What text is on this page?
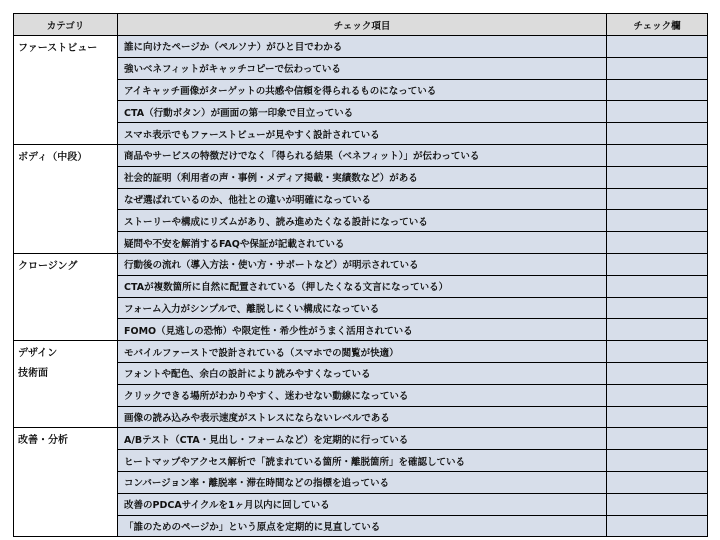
カテゴリ	チェック項目	チェック欄
ファーストビュー	誰に向けたページか（ペルソナ）がひと目でわかる	
	強いベネフィットがキャッチコピーで伝わっている	
	アイキャッチ画像がターゲットの共感や信頼を得られるものになっている	
	CTA（行動ボタン）が画面の第一印象で目立っている	
	スマホ表示でもファーストビューが見やすく設計されている	
ボディ（中段）	商品やサービスの特徴だけでなく「得られる結果（ベネフィット）」が伝わっている	
	社会的証明（利用者の声・事例・メディア掲載・実績数など）がある	
	なぜ選ばれているのか、他社との違いが明確になっている	
	ストーリーや構成にリズムがあり、読み進めたくなる設計になっている	
	疑問や不安を解消するFAQや保証が記載されている	
クロージング	行動後の流れ（導入方法・使い方・サポートなど）が明示されている	
	CTAが複数箇所に自然に配置されている（押したくなる文言になっている）	
	フォーム入力がシンプルで、離脱しにくい構成になっている	
	FOMO（見逃しの恐怖）や限定性・希少性がうまく活用されている	
デザイン
技術面	モバイルファーストで設計されている（スマホでの閲覧が快適）	
	フォントや配色、余白の設計により読みやすくなっている	
	クリックできる場所がわかりやすく、迷わせない動線になっている	
	画像の読み込みや表示速度がストレスにならないレベルである	
改善・分析	A/Bテスト（CTA・見出し・フォームなど）を定期的に行っている	
	ヒートマップやアクセス解析で「読まれている箇所・離脱箇所」を確認している	
	コンバージョン率・離脱率・滞在時間などの指標を追っている	
	改善のPDCAサイクルを1ヶ月以内に回している	
	「誰のためのページか」という原点を定期的に見直している	
